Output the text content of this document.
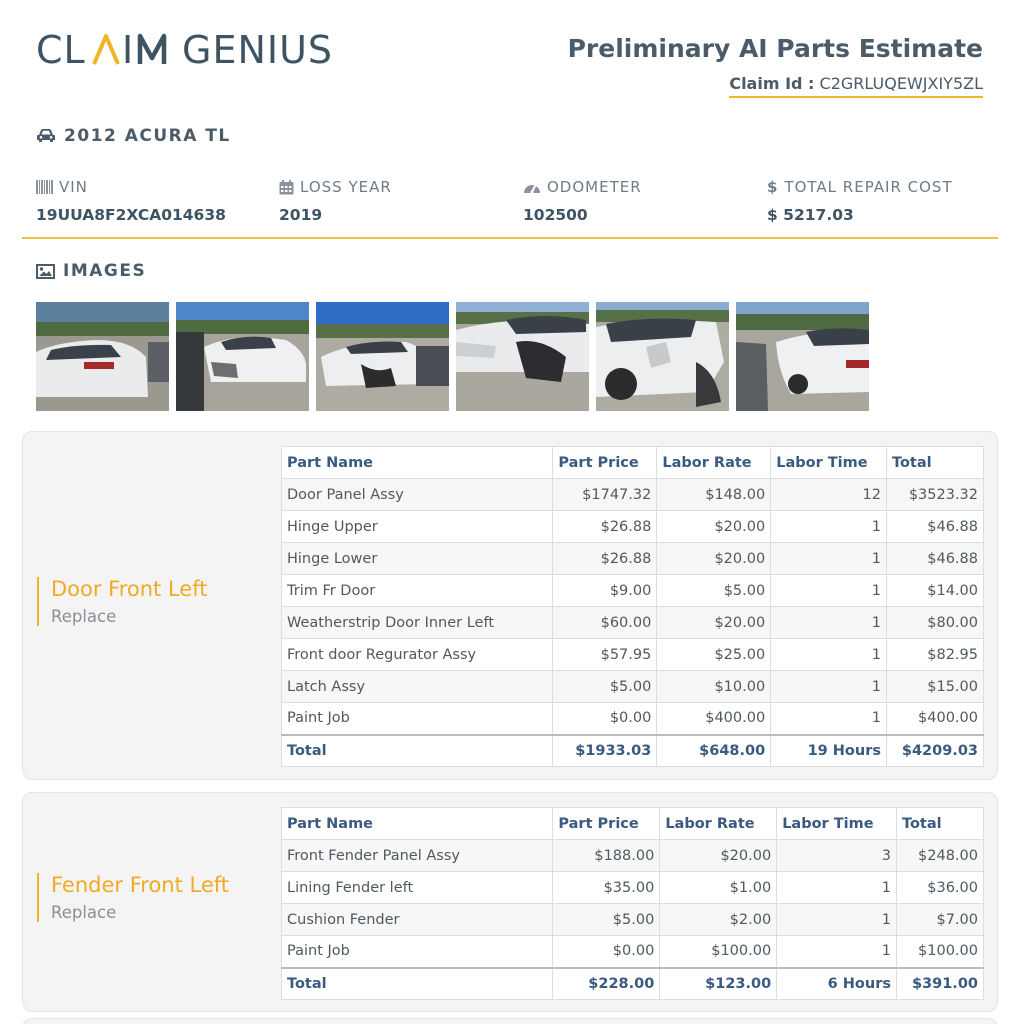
CL I GENIUS	Preliminary AI Parts Estimate
Claim Id : C2GRLUQEWJXIY5ZL
2012 ACURA TL
VIN
19UUA8F2XCA014638
LOSS YEAR
2019
ODOMETER
102500
$ TOTAL REPAIR COST
$ 5217.03
IMAGES
Door Front Left
Replace
Part Name	Part Price	Labor Rate	Labor Time	Total
Door Panel Assy	$1747.32	$148.00	12	$3523.32
Hinge Upper	$26.88	$20.00	1	$46.88
Hinge Lower	$26.88	$20.00	1	$46.88
Trim Fr Door	$9.00	$5.00	1	$14.00
Weatherstrip Door Inner Left	$60.00	$20.00	1	$80.00
Front door Regurator Assy	$57.95	$25.00	1	$82.95
Latch Assy	$5.00	$10.00	1	$15.00
Paint Job	$0.00	$400.00	1	$400.00
Total	$1933.03	$648.00	19 Hours	$4209.03
Fender Front Left
Replace
Part Name	Part Price	Labor Rate	Labor Time	Total
Front Fender Panel Assy	$188.00	$20.00	3	$248.00
Lining Fender left	$35.00	$1.00	1	$36.00
Cushion Fender	$5.00	$2.00	1	$7.00
Paint Job	$0.00	$100.00	1	$100.00
Total	$228.00	$123.00	6 Hours	$391.00
